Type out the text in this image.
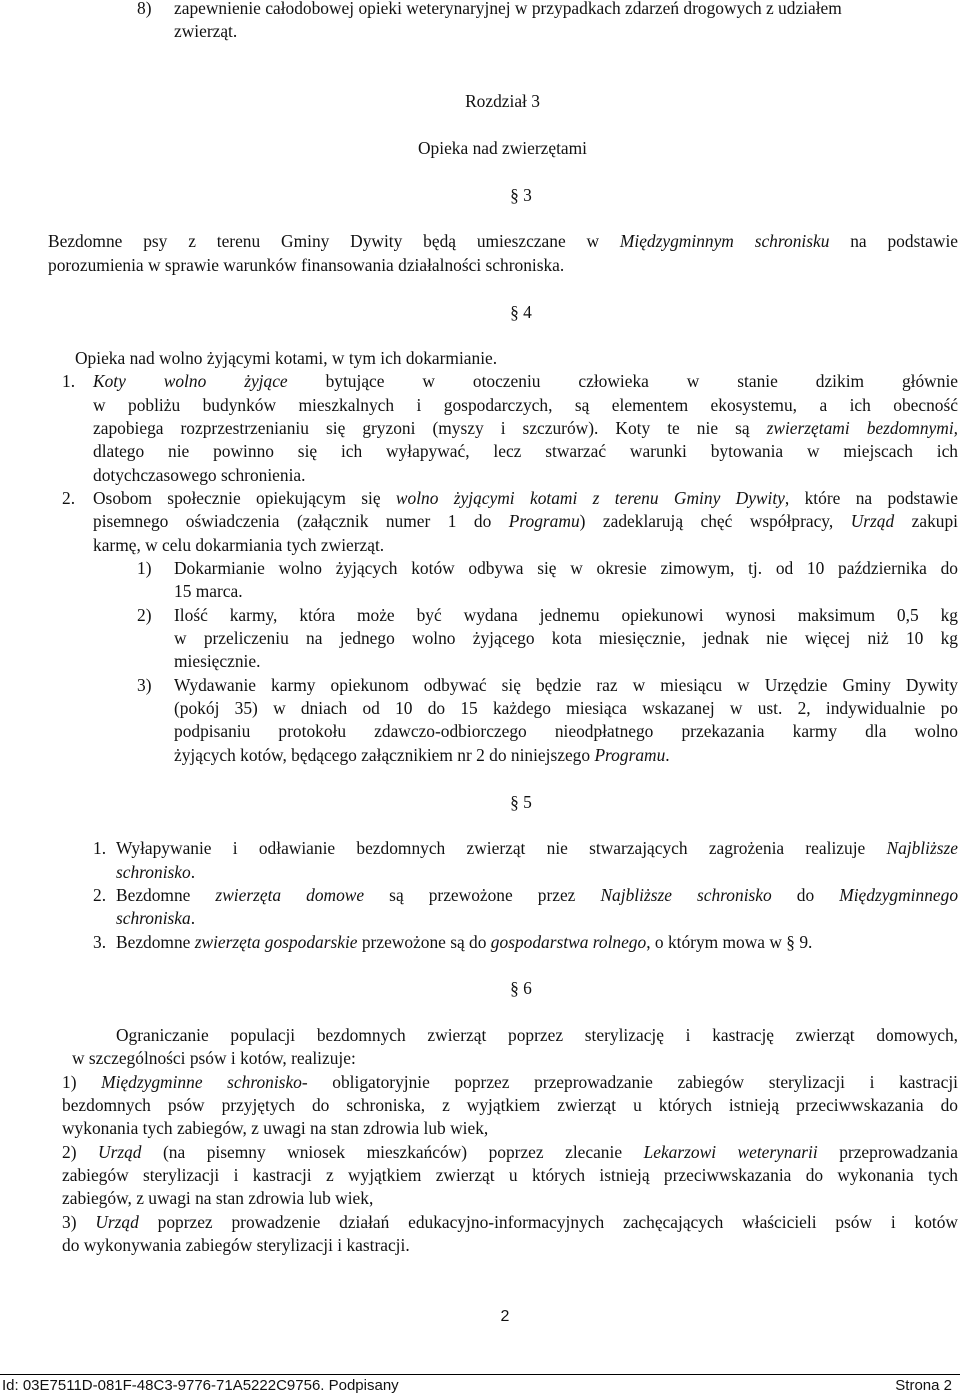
8) zapewnienie całodobowej opieki weterynaryjnej w przypadkach zdarzeń drogowych z udziałem
zwierząt.
Rozdział 3
Opieka nad zwierzętami
§ 3
Bezdomne psy z terenu Gminy Dywity będą umieszczane w Międzygminnym schronisku na podstawie
porozumienia w sprawie warunków finansowania działalności schroniska.
§ 4
Opieka nad wolno żyjącymi kotami, w tym ich dokarmianie.
1. Koty wolno żyjące bytujące w otoczeniu człowieka w stanie dzikim głównie
w pobliżu budynków mieszkalnych i gospodarczych, są elementem ekosystemu, a ich obecność
zapobiega rozprzestrzenianiu się gryzoni (myszy i szczurów). Koty te nie są zwierzętami bezdomnymi,
dlatego nie powinno się ich wyłapywać, lecz stwarzać warunki bytowania w miejscach ich
dotychczasowego schronienia.
2. Osobom społecznie opiekującym się wolno żyjącymi kotami z terenu Gminy Dywity, które na podstawie
pisemnego oświadczenia (załącznik numer 1 do Programu) zadeklarują chęć współpracy, Urząd zakupi
karmę, w celu dokarmiania tych zwierząt.
1) Dokarmianie wolno żyjących kotów odbywa się w okresie zimowym, tj. od 10 października do
15 marca.
2) Ilość karmy, która może być wydana jednemu opiekunowi wynosi maksimum 0,5 kg
w przeliczeniu na jednego wolno żyjącego kota miesięcznie, jednak nie więcej niż 10 kg
miesięcznie.
3) Wydawanie karmy opiekunom odbywać się będzie raz w miesiącu w Urzędzie Gminy Dywity
(pokój 35) w dniach od 10 do 15 każdego miesiąca wskazanej w ust. 2, indywidualnie po
podpisaniu protokołu zdawczo-odbiorczego nieodpłatnego przekazania karmy dla wolno
żyjących kotów, będącego załącznikiem nr 2 do niniejszego Programu.
§ 5
1. Wyłapywanie i odławianie bezdomnych zwierząt nie stwarzających zagrożenia realizuje Najbliższe
schronisko.
2. Bezdomne zwierzęta domowe są przewożone przez Najbliższe schronisko do Międzygminnego
schroniska.
3. Bezdomne zwierzęta gospodarskie przewożone są do gospodarstwa rolnego, o którym mowa w § 9.
§ 6
Ograniczanie populacji bezdomnych zwierząt poprzez sterylizację i kastrację zwierząt domowych,
w szczególności psów i kotów, realizuje:
1) Międzygminne schronisko- obligatoryjnie poprzez przeprowadzanie zabiegów sterylizacji i kastracji
bezdomnych psów przyjętych do schroniska, z wyjątkiem zwierząt u których istnieją przeciwwskazania do
wykonania tych zabiegów, z uwagi na stan zdrowia lub wiek,
2) Urząd (na pisemny wniosek mieszkańców) poprzez zlecanie Lekarzowi weterynarii przeprowadzania
zabiegów sterylizacji i kastracji z wyjątkiem zwierząt u których istnieją przeciwwskazania do wykonania tych
zabiegów, z uwagi na stan zdrowia lub wiek,
3) Urząd poprzez prowadzenie działań edukacyjno-informacyjnych zachęcających właścicieli psów i kotów
do wykonywania zabiegów sterylizacji i kastracji.
2
Id: 03E7511D-081F-48C3-9776-71A5222C9756. Podpisany	Strona 2
